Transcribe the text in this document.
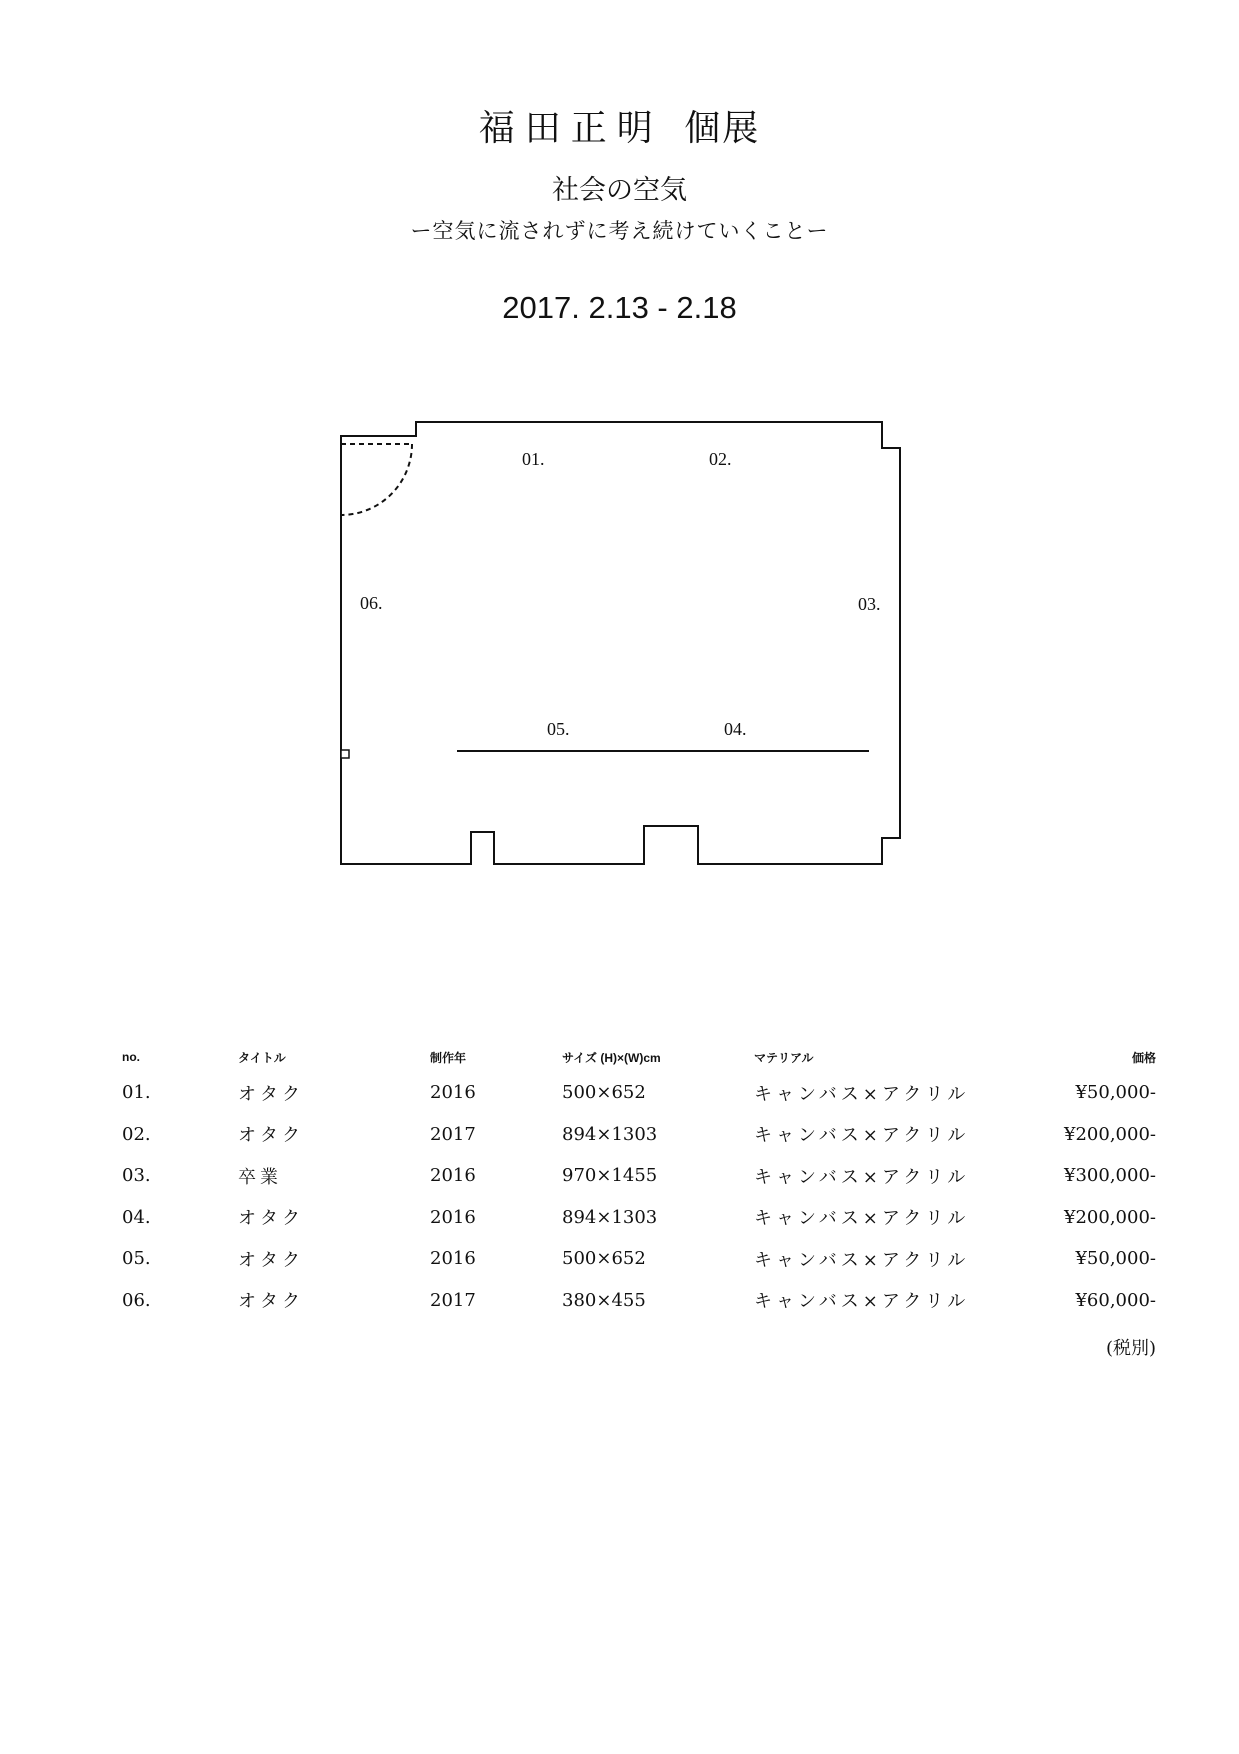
福田正明 個展
社会の空気
ー空気に流されずに考え続けていくことー
2017. 2.13 - 2.18
01.	02.
03.
04.
05.
06.
no.	タイトル	制作年	サイズ (H)×(W)cm	マテリアル	価格
01.	オタク	2016	500×652	キャンバス×アクリル	¥50,000-
02.	オタク	2017	894×1303	キャンバス×アクリル	¥200,000-
03.	卒業	2016	970×1455	キャンバス×アクリル	¥300,000-
04.	オタク	2016	894×1303	キャンバス×アクリル	¥200,000-
05.	オタク	2016	500×652	キャンバス×アクリル	¥50,000-
06.	オタク	2017	380×455	キャンバス×アクリル	¥60,000-
(税別)
